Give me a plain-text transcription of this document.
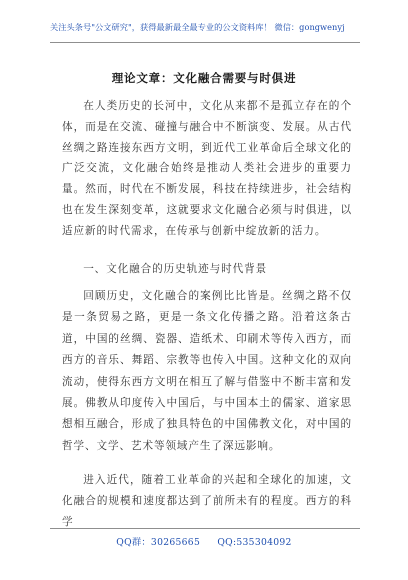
关注头条号"公文研究"，获得最新最全最专业的公文资料库！ 微信：gongwenyj
理论文章：文化融合需要与时俱进

在人类历史的长河中，文化从来都不是孤立存在的个体，而是在交流、碰撞与融合中不断演变、发展。从古代丝绸之路连接东西方文明，到近代工业革命后全球文化的广泛交流，文化融合始终是推动人类社会进步的重要力量。然而，时代在不断发展，科技在持续进步，社会结构也在发生深刻变革，这就要求文化融合必须与时俱进，以适应新的时代需求，在传承与创新中绽放新的活力。

一、文化融合的历史轨迹与时代背景

回顾历史，文化融合的案例比比皆是。丝绸之路不仅是一条贸易之路，更是一条文化传播之路。沿着这条古道，中国的丝绸、瓷器、造纸术、印刷术等传入西方，而西方的音乐、舞蹈、宗教等也传入中国。这种文化的双向流动，使得东西方文明在相互了解与借鉴中不断丰富和发展。佛教从印度传入中国后，与中国本土的儒家、道家思想相互融合，形成了独具特色的中国佛教文化，对中国的哲学、文学、艺术等领域产生了深远影响。

进入近代，随着工业革命的兴起和全球化的加速，文化融合的规模和速度都达到了前所未有的程度。西方的科学

QQ群：30265665 QQ:535304092
